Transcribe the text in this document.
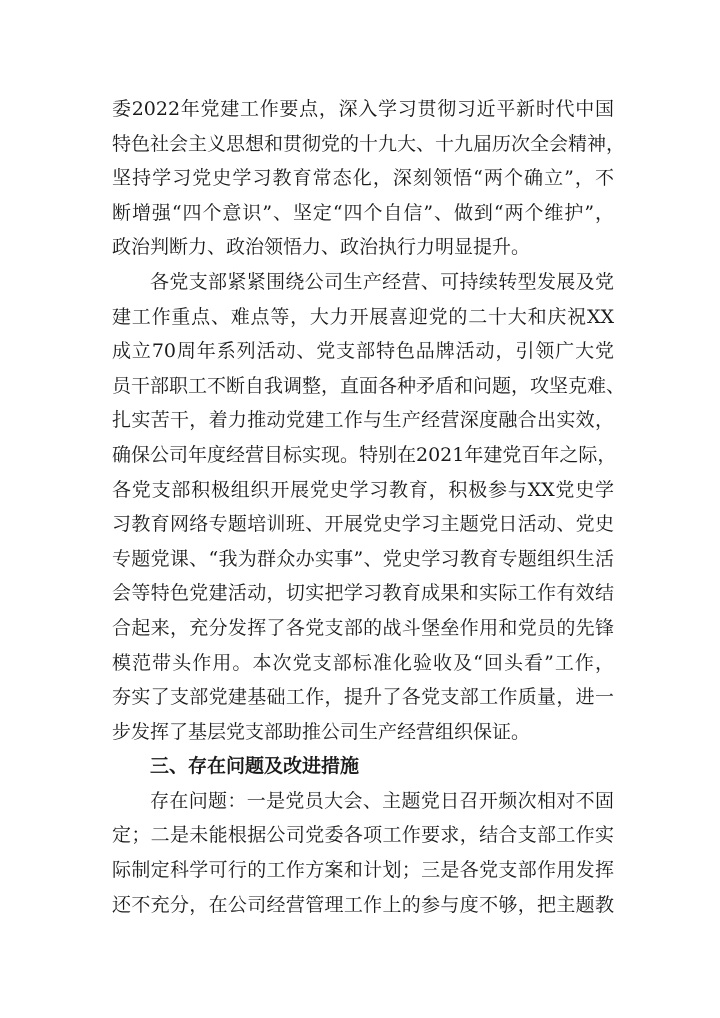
委2022年党建工作要点，深入学习贯彻习近平新时代中国
特色社会主义思想和贯彻党的十九大、十九届历次全会精神，
坚持学习党史学习教育常态化，深刻领悟“两个确立”，不
断增强“四个意识”、坚定“四个自信”、做到“两个维护”，
政治判断力、政治领悟力、政治执行力明显提升。
各党支部紧紧围绕公司生产经营、可持续转型发展及党
建工作重点、难点等，大力开展喜迎党的二十大和庆祝XX
成立70周年系列活动、党支部特色品牌活动，引领广大党
员干部职工不断自我调整，直面各种矛盾和问题，攻坚克难、
扎实苦干，着力推动党建工作与生产经营深度融合出实效，
确保公司年度经营目标实现。特别在2021年建党百年之际，
各党支部积极组织开展党史学习教育，积极参与XX党史学
习教育网络专题培训班、开展党史学习主题党日活动、党史
专题党课、“我为群众办实事”、党史学习教育专题组织生活
会等特色党建活动，切实把学习教育成果和实际工作有效结
合起来，充分发挥了各党支部的战斗堡垒作用和党员的先锋
模范带头作用。本次党支部标准化验收及“回头看”工作，
夯实了支部党建基础工作，提升了各党支部工作质量，进一
步发挥了基层党支部助推公司生产经营组织保证。
三、存在问题及改进措施
存在问题：一是党员大会、主题党日召开频次相对不固
定；二是未能根据公司党委各项工作要求，结合支部工作实
际制定科学可行的工作方案和计划；三是各党支部作用发挥
还不充分，在公司经营管理工作上的参与度不够，把主题教
